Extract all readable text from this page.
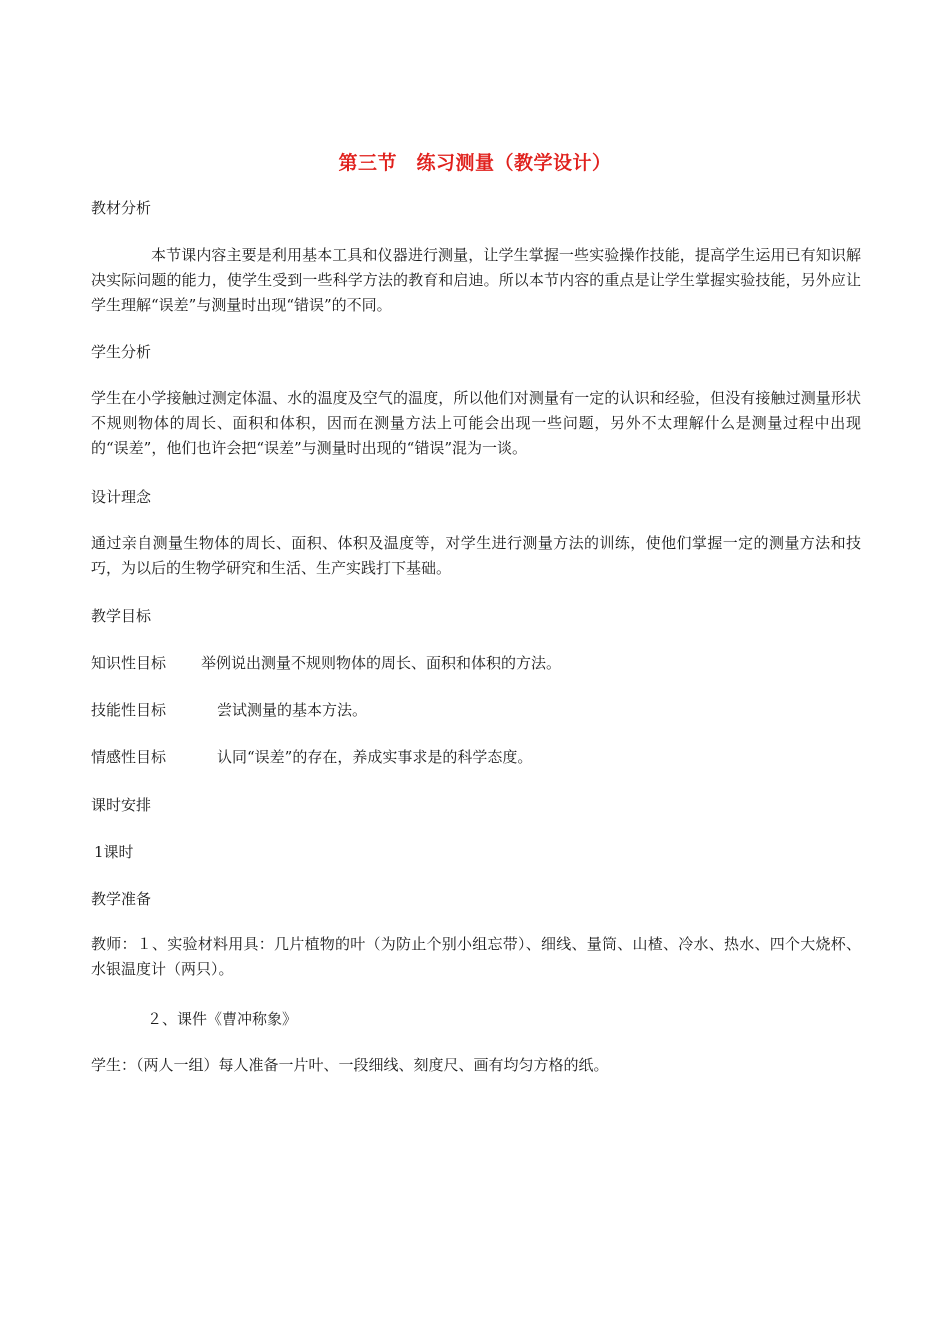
第三节　练习测量（教学设计）
教材分析
本节课内容主要是利用基本工具和仪器进行测量，让学生掌握一些实验操作技能，提高学生运用已有知识解决实际问题的能力，使学生受到一些科学方法的教育和启迪。所以本节内容的重点是让学生掌握实验技能，另外应让学生理解“误差”与测量时出现“错误”的不同。
学生分析
学生在小学接触过测定体温、水的温度及空气的温度，所以他们对测量有一定的认识和经验，但没有接触过测量形状不规则物体的周长、面积和体积，因而在测量方法上可能会出现一些问题，另外不太理解什么是测量过程中出现的“误差”，他们也许会把“误差”与测量时出现的“错误”混为一谈。
设计理念
通过亲自测量生物体的周长、面积、体积及温度等，对学生进行测量方法的训练，使他们掌握一定的测量方法和技巧，为以后的生物学研究和生活、生产实践打下基础。
教学目标
知识性目标 举例说出测量不规则物体的周长、面积和体积的方法。
技能性目标	尝试测量的基本方法。
情感性目标	认同“误差”的存在，养成实事求是的科学态度。
课时安排
1课时
教学准备
教师：１、实验材料用具：几片植物的叶（为防止个别小组忘带）、细线、量筒、山楂、冷水、热水、四个大烧杯、水银温度计（两只）。
２、课件《曹冲称象》
学生：（两人一组）每人准备一片叶、一段细线、刻度尺、画有均匀方格的纸。
